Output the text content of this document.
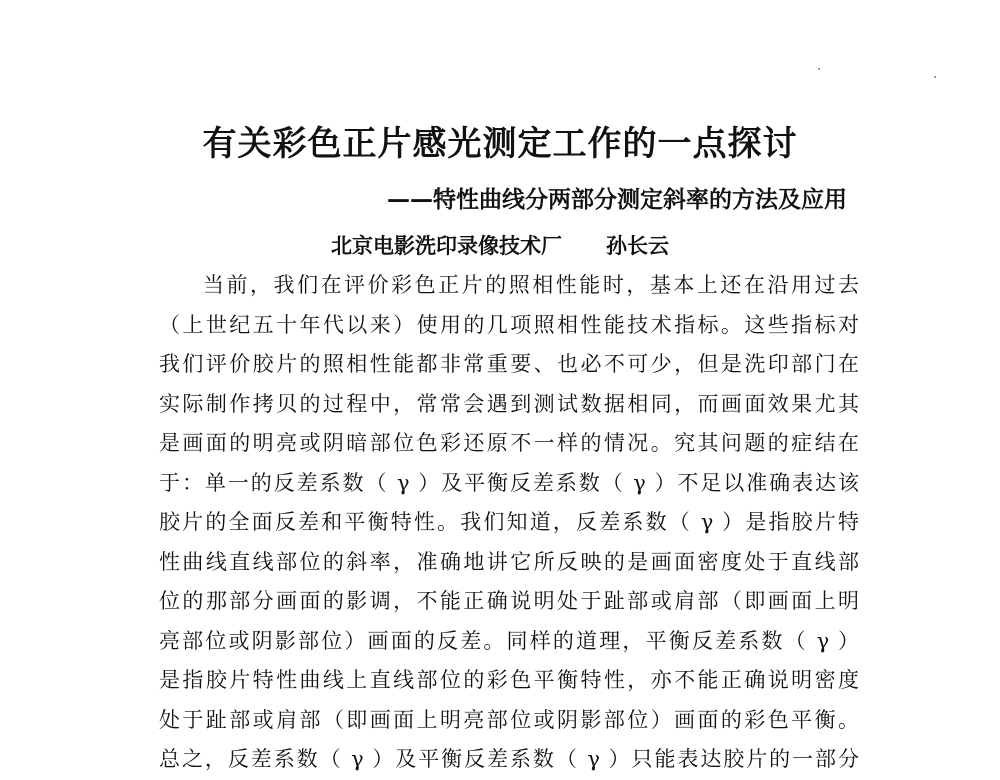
有关彩色正片感光测定工作的一点探讨
——特性曲线分两部分测定斜率的方法及应用
北京电影洗印录像技术厂 孙长云
当前，我们在评价彩色正片的照相性能时，基本上还在沿用过去
（上世纪五十年代以来）使用的几项照相性能技术指标。这些指标对
我们评价胶片的照相性能都非常重要、也必不可少，但是洗印部门在
实际制作拷贝的过程中，常常会遇到测试数据相同，而画面效果尤其
是画面的明亮或阴暗部位色彩还原不一样的情况。究其问题的症结在
于：单一的反差系数（ γ ）及平衡反差系数（ γ ）不足以准确表达该
胶片的全面反差和平衡特性。我们知道，反差系数（ γ ）是指胶片特
性曲线直线部位的斜率，准确地讲它所反映的是画面密度处于直线部
位的那部分画面的影调，不能正确说明处于趾部或肩部（即画面上明
亮部位或阴影部位）画面的反差。同样的道理，平衡反差系数（ γ ）
是指胶片特性曲线上直线部位的彩色平衡特性，亦不能正确说明密度
处于趾部或肩部（即画面上明亮部位或阴影部位）画面的彩色平衡。
总之，反差系数（ γ ）及平衡反差系数（ γ ）只能表达胶片的一部分
